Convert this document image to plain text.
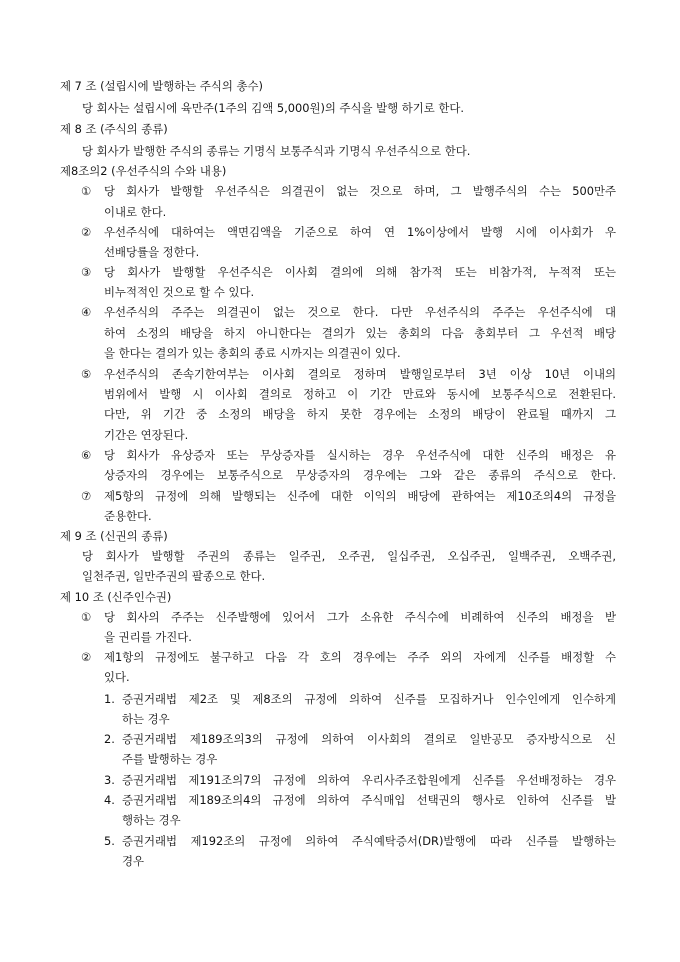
제 7 조 (설립시에 발행하는 주식의 총수)
당 회사는 설립시에 육만주(1주의 김액 5,000원)의 주식을 발행 하기로 한다.
제 8 조 (주식의 종류)
당 회사가 발행한 주식의 종류는 기명식 보통주식과 기명식 우선주식으로 한다.
제8조의2 (우선주식의 수와 내용)
① 당 회사가 발행할 우선주식은 의결권이 없는 것으로 하며, 그 발행주식의 수는 500만주
이내로 한다.
② 우선주식에 대하여는 액면김액을 기준으로 하여 연 1%이상에서 발행 시에 이사회가 우
선배당률을 정한다.
③ 당 회사가 발행할 우선주식은 이사회 결의에 의해 참가적 또는 비참가적, 누적적 또는
비누적적인 것으로 할 수 있다.
④ 우선주식의 주주는 의결권이 없는 것으로 한다. 다만 우선주식의 주주는 우선주식에 대
하여 소정의 배당을 하지 아니한다는 결의가 있는 총회의 다음 총회부터 그 우선적 배당
을 한다는 결의가 있는 총회의 종료 시까지는 의결권이 있다.
⑤ 우선주식의 존속기한여부는 이사회 결의로 정하며 발행일로부터 3년 이상 10년 이내의
범위에서 발행 시 이사회 결의로 정하고 이 기간 만료와 동시에 보통주식으로 전환된다.
다만, 위 기간 중 소정의 배당을 하지 못한 경우에는 소정의 배당이 완료될 때까지 그
기간은 연장된다.
⑥ 당 회사가 유상증자 또는 무상증자를 실시하는 경우 우선주식에 대한 신주의 배정은 유
상증자의 경우에는 보통주식으로 무상증자의 경우에는 그와 같은 종류의 주식으로 한다.
⑦ 제5항의 규정에 의해 발행되는 신주에 대한 이익의 배당에 관하여는 제10조의4의 규정을
준용한다.
제 9 조 (신권의 종류)
당 회사가 발행할 주권의 종류는 일주권, 오주권, 일십주권, 오십주권, 일백주권, 오백주권,
일천주권, 일만주권의 팔종으로 한다.
제 10 조 (신주인수권)
① 당 회사의 주주는 신주발행에 있어서 그가 소유한 주식수에 비례하여 신주의 배정을 받
을 권리를 가진다.
② 제1항의 규정에도 불구하고 다음 각 호의 경우에는 주주 외의 자에게 신주를 배정할 수
있다.
1. 증권거래법 제2조 및 제8조의 규정에 의하여 신주를 모집하거나 인수인에게 인수하게
하는 경우
2. 증권거래법 제189조의3의 규정에 의하여 이사회의 결의로 일반공모 증자방식으로 신
주를 발행하는 경우
3. 증권거래법 제191조의7의 규정에 의하여 우리사주조합원에게 신주를 우선배정하는 경우
4. 증권거래법 제189조의4의 규정에 의하여 주식매입 선택권의 행사로 인하여 신주를 발
행하는 경우
5. 증권거래법 제192조의 규정에 의하여 주식예탁증서(DR)발행에 따라 신주를 발행하는
경우
